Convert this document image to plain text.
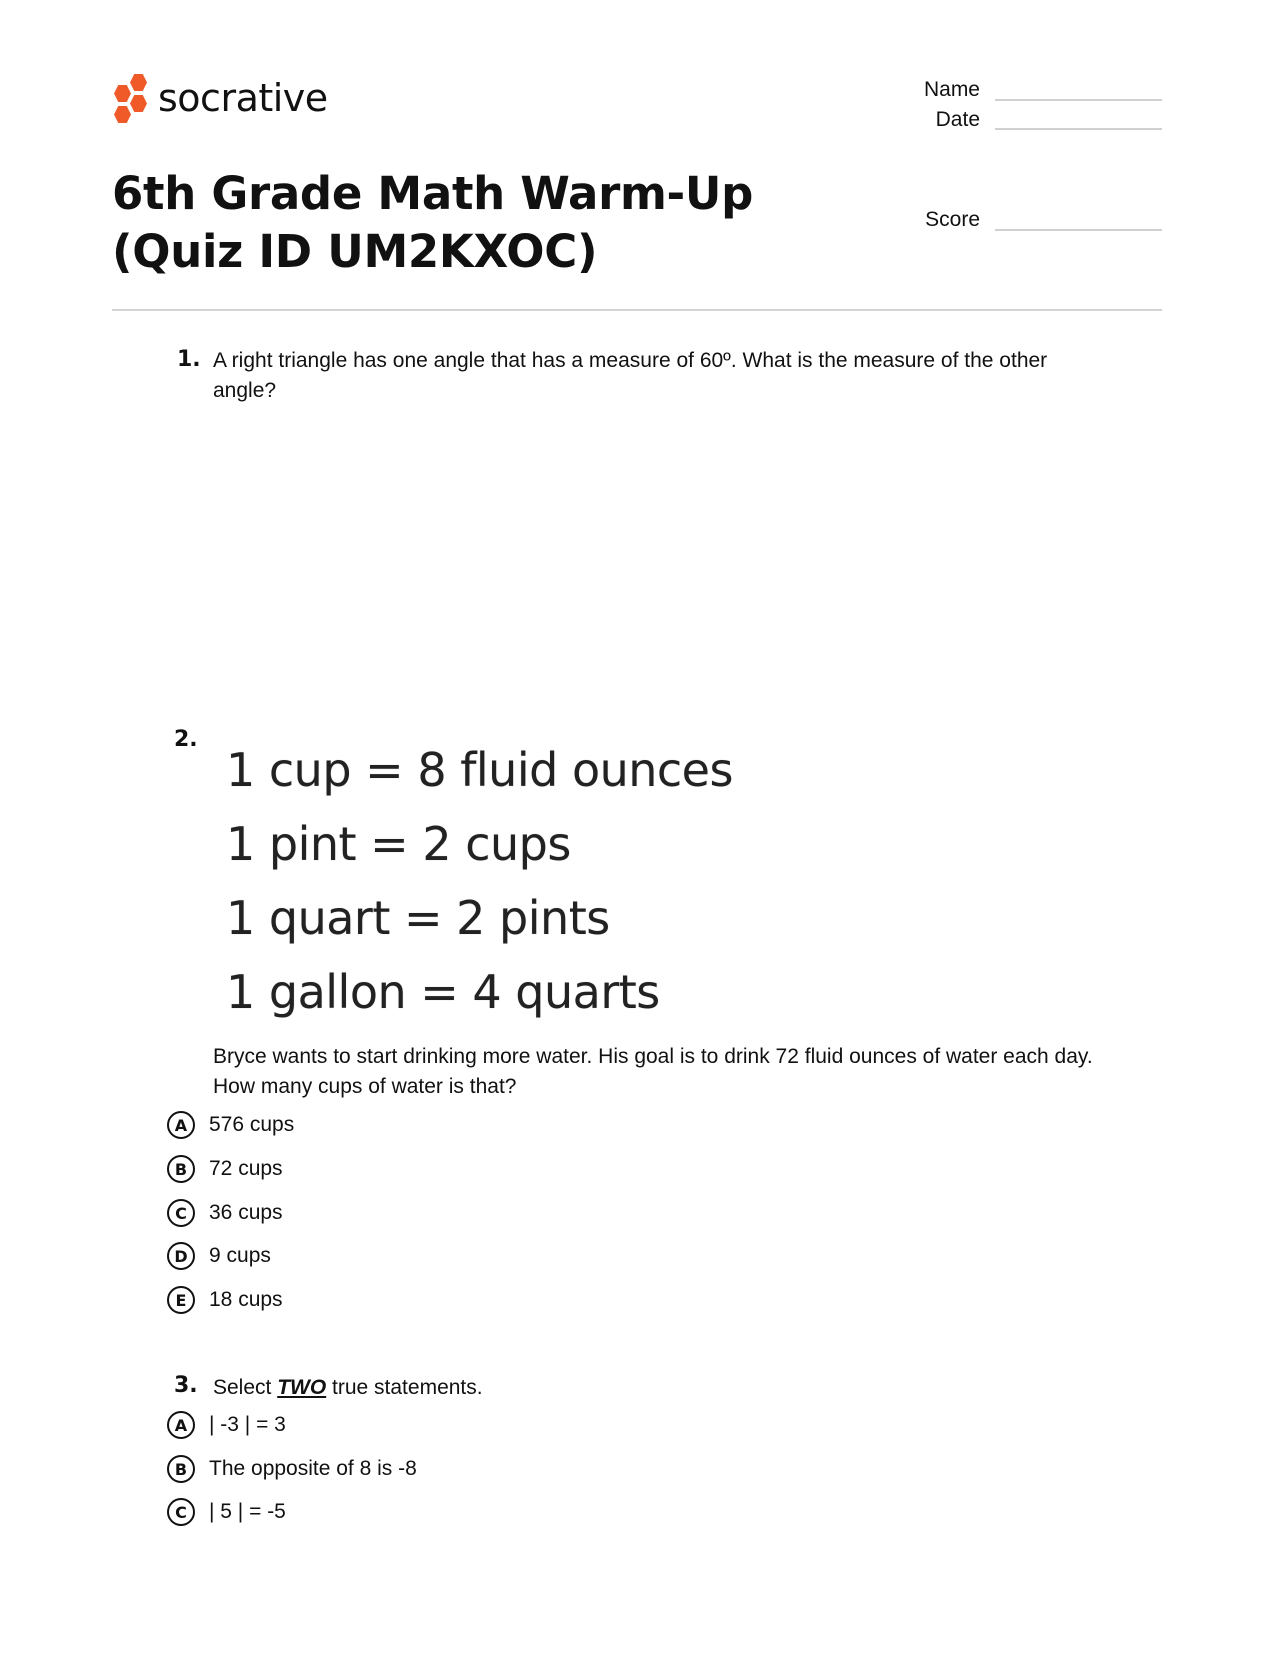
socrative	Name
Date
Score
6th Grade Math Warm-Up (Quiz ID UM2KXOC)
1. A right triangle has one angle that has a measure of 60º. What is the measure of the other angle?
2.
1 cup = 8 fluid ounces
1 pint = 2 cups
1 quart = 2 pints
1 gallon = 4 quarts
Bryce wants to start drinking more water. His goal is to drink 72 fluid ounces of water each day. How many cups of water is that?
A	576 cups
B	72 cups
C	36 cups
D	9 cups
E	18 cups
3. Select TWO true statements.
A	| -3 | = 3
B	The opposite of 8 is -8
C	| 5 | = -5
